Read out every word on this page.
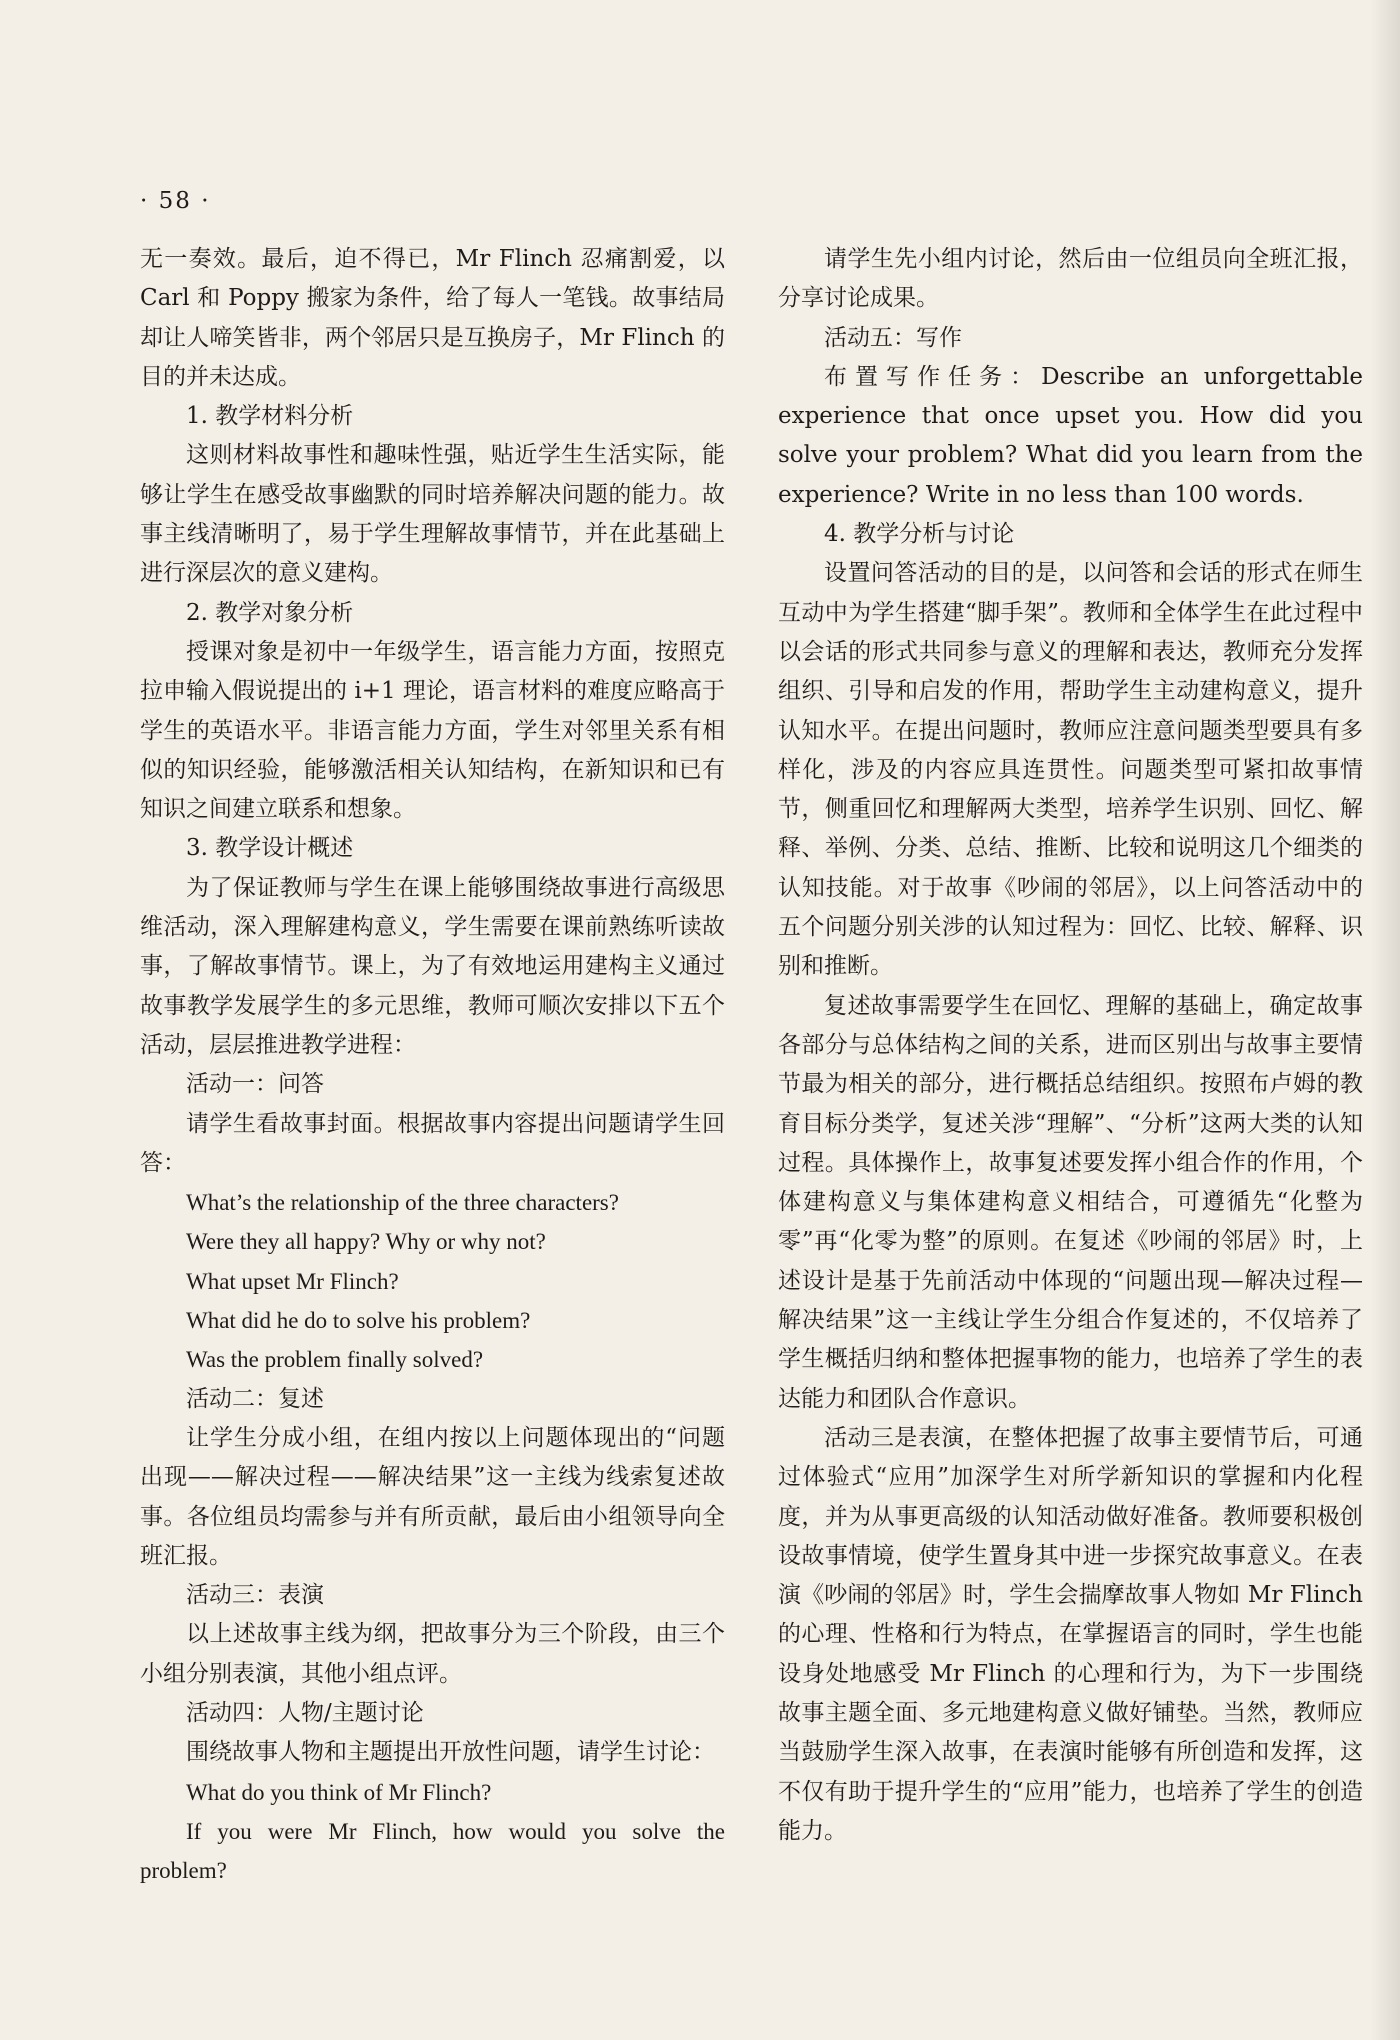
· 58 ·

无一奏效。最后，迫不得已，Mr Flinch 忍痛割爱，以 Carl 和 Poppy 搬家为条件，给了每人一笔钱。故事结局却让人啼笑皆非，两个邻居只是互换房子，Mr Flinch 的目的并未达成。

1. 教学材料分析

这则材料故事性和趣味性强，贴近学生生活实际，能够让学生在感受故事幽默的同时培养解决问题的能力。故事主线清晰明了，易于学生理解故事情节，并在此基础上进行深层次的意义建构。

2. 教学对象分析

授课对象是初中一年级学生，语言能力方面，按照克拉申输入假说提出的 i+1 理论，语言材料的难度应略高于学生的英语水平。非语言能力方面，学生对邻里关系有相似的知识经验，能够激活相关认知结构，在新知识和已有知识之间建立联系和想象。

3. 教学设计概述

为了保证教师与学生在课上能够围绕故事进行高级思维活动，深入理解建构意义，学生需要在课前熟练听读故事，了解故事情节。课上，为了有效地运用建构主义通过故事教学发展学生的多元思维，教师可顺次安排以下五个活动，层层推进教学进程：

活动一：问答

请学生看故事封面。根据故事内容提出问题请学生回答：

What’s the relationship of the three characters?

Were they all happy? Why or why not?

What upset Mr Flinch?

What did he do to solve his problem?

Was the problem finally solved?

活动二：复述

让学生分成小组，在组内按以上问题体现出的“问题出现——解决过程——解决结果”这一主线为线索复述故事。各位组员均需参与并有所贡献，最后由小组领导向全班汇报。

活动三：表演

以上述故事主线为纲，把故事分为三个阶段，由三个小组分别表演，其他小组点评。

活动四：人物/主题讨论

围绕故事人物和主题提出开放性问题，请学生讨论：

What do you think of Mr Flinch?

If you were Mr Flinch, how would you solve the problem?

请学生先小组内讨论，然后由一位组员向全班汇报，分享讨论成果。

活动五：写作

布置写作任务：Describe an unforgettable experience that once upset you. How did you solve your problem? What did you learn from the experience? Write in no less than 100 words.

4. 教学分析与讨论

设置问答活动的目的是，以问答和会话的形式在师生互动中为学生搭建“脚手架”。教师和全体学生在此过程中以会话的形式共同参与意义的理解和表达，教师充分发挥组织、引导和启发的作用，帮助学生主动建构意义，提升认知水平。在提出问题时，教师应注意问题类型要具有多样化，涉及的内容应具连贯性。问题类型可紧扣故事情节，侧重回忆和理解两大类型，培养学生识别、回忆、解释、举例、分类、总结、推断、比较和说明这几个细类的认知技能。对于故事《吵闹的邻居》，以上问答活动中的五个问题分别关涉的认知过程为：回忆、比较、解释、识别和推断。

复述故事需要学生在回忆、理解的基础上，确定故事各部分与总体结构之间的关系，进而区别出与故事主要情节最为相关的部分，进行概括总结组织。按照布卢姆的教育目标分类学，复述关涉“理解”、“分析”这两大类的认知过程。具体操作上，故事复述要发挥小组合作的作用，个体建构意义与集体建构意义相结合，可遵循先“化整为零”再“化零为整”的原则。在复述《吵闹的邻居》时，上述设计是基于先前活动中体现的“问题出现—解决过程—解决结果”这一主线让学生分组合作复述的，不仅培养了学生概括归纳和整体把握事物的能力，也培养了学生的表达能力和团队合作意识。

活动三是表演，在整体把握了故事主要情节后，可通过体验式“应用”加深学生对所学新知识的掌握和内化程度，并为从事更高级的认知活动做好准备。教师要积极创设故事情境，使学生置身其中进一步探究故事意义。在表演《吵闹的邻居》时，学生会揣摩故事人物如 Mr Flinch 的心理、性格和行为特点，在掌握语言的同时，学生也能设身处地感受 Mr Flinch 的心理和行为，为下一步围绕故事主题全面、多元地建构意义做好铺垫。当然，教师应当鼓励学生深入故事，在表演时能够有所创造和发挥，这不仅有助于提升学生的“应用”能力，也培养了学生的创造能力。
